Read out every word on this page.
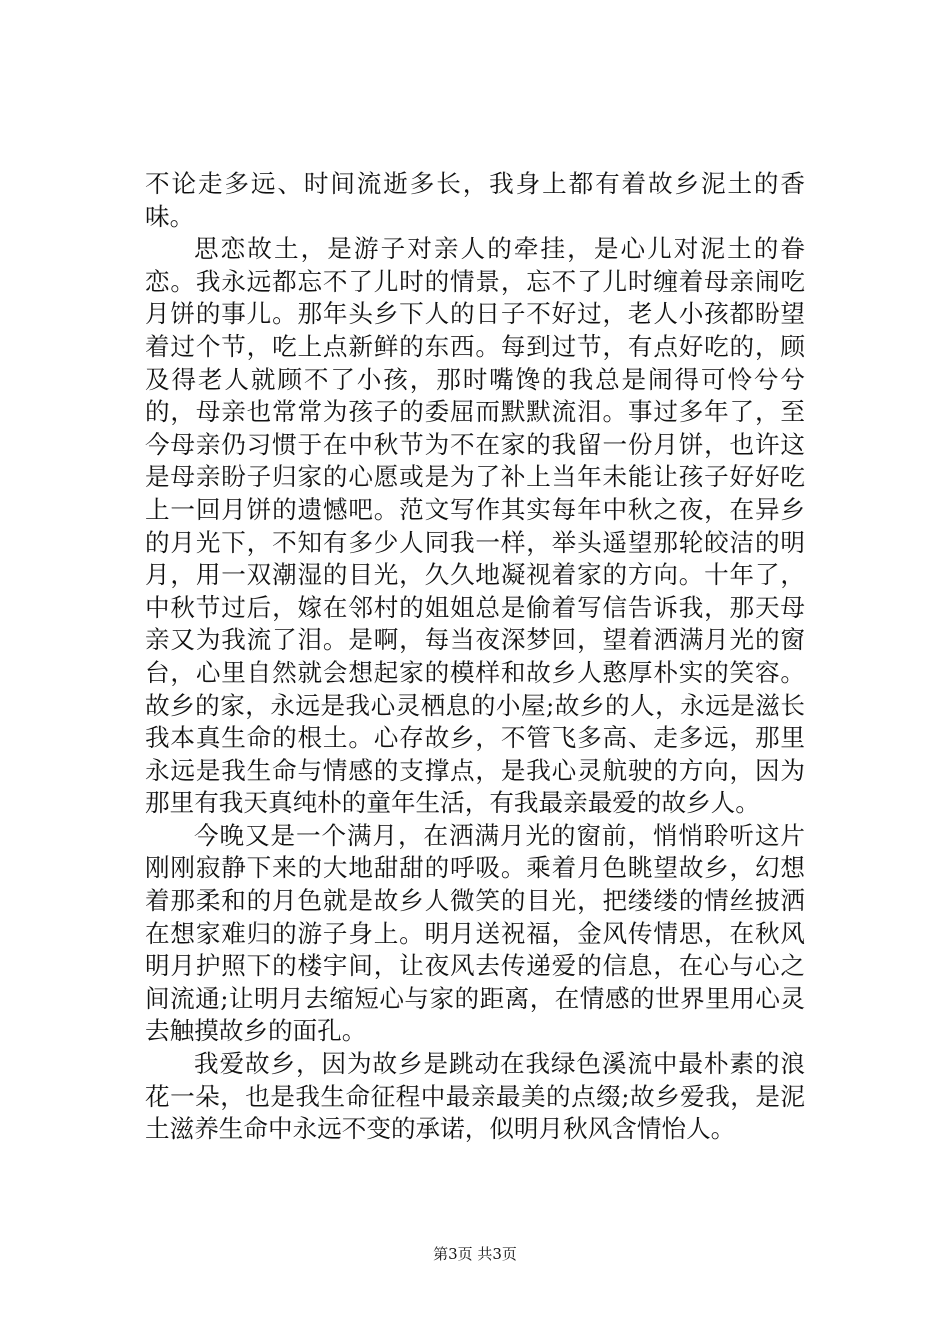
不论走多远、时间流逝多长，我身上都有着故乡泥土的香味。

思恋故土，是游子对亲人的牵挂，是心儿对泥土的眷恋。我永远都忘不了儿时的情景，忘不了儿时缠着母亲闹吃月饼的事儿。那年头乡下人的日子不好过，老人小孩都盼望着过个节，吃上点新鲜的东西。每到过节，有点好吃的，顾及得老人就顾不了小孩，那时嘴馋的我总是闹得可怜兮兮的，母亲也常常为孩子的委屈而默默流泪。事过多年了，至今母亲仍习惯于在中秋节为不在家的我留一份月饼，也许这是母亲盼子归家的心愿或是为了补上当年未能让孩子好好吃上一回月饼的遗憾吧。范文写作其实每年中秋之夜，在异乡的月光下，不知有多少人同我一样，举头遥望那轮皎洁的明月，用一双潮湿的目光，久久地凝视着家的方向。十年了，中秋节过后，嫁在邻村的姐姐总是偷着写信告诉我，那天母亲又为我流了泪。是啊，每当夜深梦回，望着洒满月光的窗台，心里自然就会想起家的模样和故乡人憨厚朴实的笑容。故乡的家，永远是我心灵栖息的小屋;故乡的人，永远是滋长我本真生命的根土。心存故乡，不管飞多高、走多远，那里永远是我生命与情感的支撑点，是我心灵航驶的方向，因为那里有我天真纯朴的童年生活，有我最亲最爱的故乡人。

今晚又是一个满月，在洒满月光的窗前，悄悄聆听这片刚刚寂静下来的大地甜甜的呼吸。乘着月色眺望故乡，幻想着那柔和的月色就是故乡人微笑的目光，把缕缕的情丝披洒在想家难归的游子身上。明月送祝福，金风传情思，在秋风明月护照下的楼宇间，让夜风去传递爱的信息，在心与心之间流通;让明月去缩短心与家的距离，在情感的世界里用心灵去触摸故乡的面孔。

我爱故乡，因为故乡是跳动在我绿色溪流中最朴素的浪花一朵，也是我生命征程中最亲最美的点缀;故乡爱我，是泥土滋养生命中永远不变的承诺，似明月秋风含情怡人。

第3页 共3页
